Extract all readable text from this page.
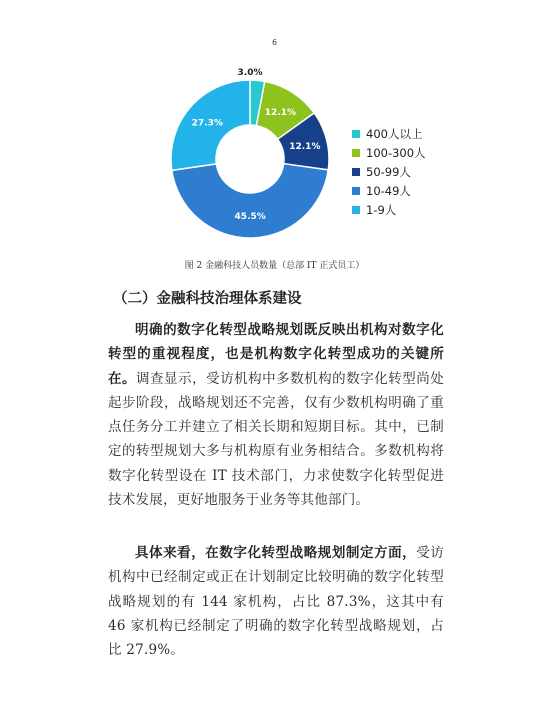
6
3.0%
12.1%
12.1%
45.5%
27.3%
400人以上
100-300人
50-99人
10-49人
1-9人
图 2 金融科技人员数量（总部 IT 正式员工）
（二）金融科技治理体系建设

明确的数字化转型战略规划既反映出机构对数字化转型的重视程度，也是机构数字化转型成功的关键所在。调查显示，受访机构中多数机构的数字化转型尚处起步阶段，战略规划还不完善，仅有少数机构明确了重点任务分工并建立了相关长期和短期目标。其中，已制定的转型规划大多与机构原有业务相结合。多数机构将数字化转型设在 IT 技术部门，力求使数字化转型促进技术发展，更好地服务于业务等其他部门。

具体来看，在数字化转型战略规划制定方面，受访机构中已经制定或正在计划制定比较明确的数字化转型战略规划的有 144 家机构，占比 87.3%，这其中有 46 家机构已经制定了明确的数字化转型战略规划，占比 27.9%。
